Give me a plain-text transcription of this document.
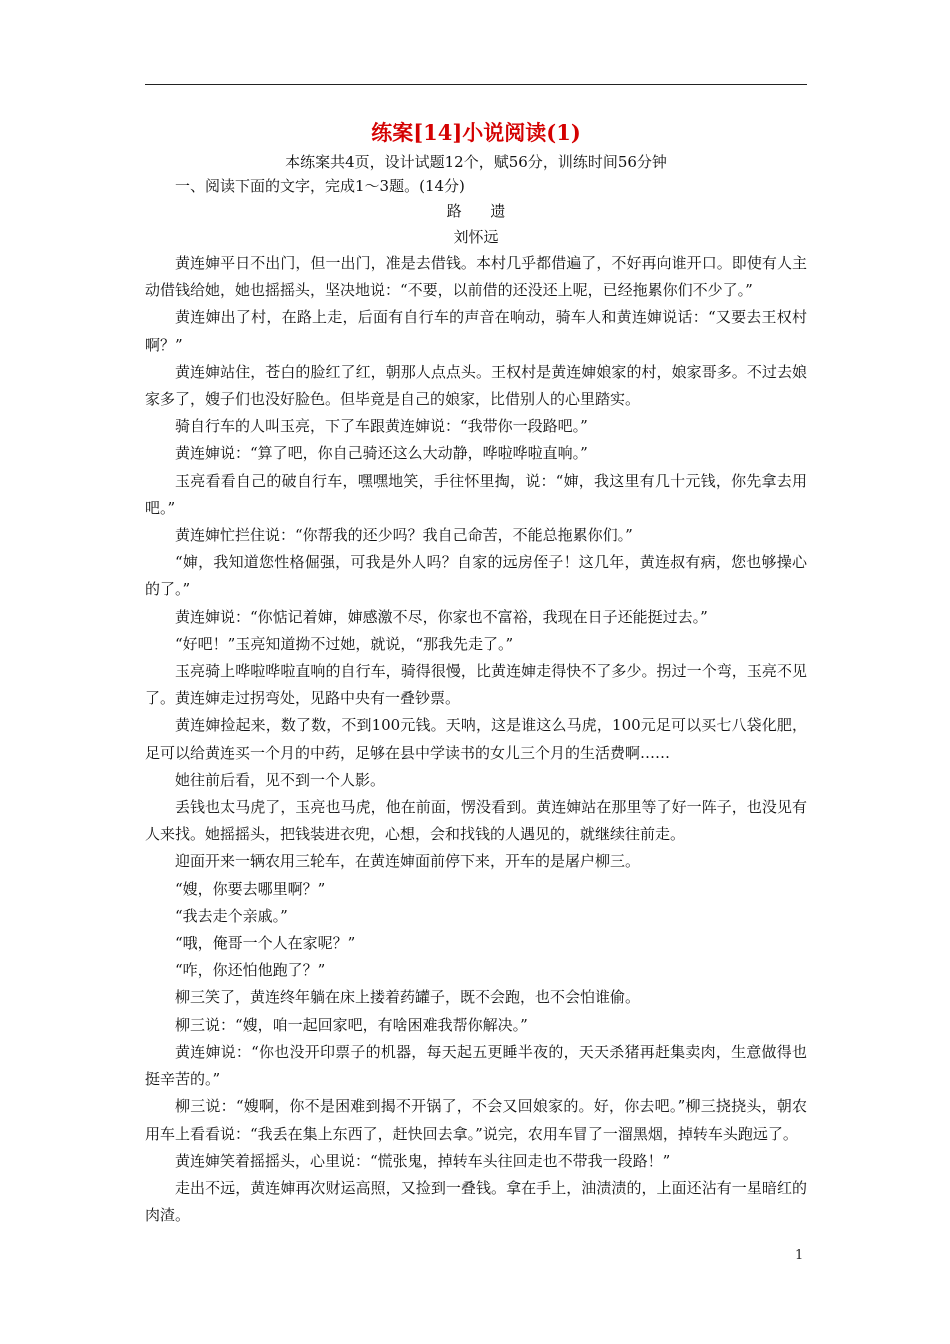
练案[14]小说阅读(1)

本练案共4页，设计试题12个，赋56分，训练时间56分钟

一、阅读下面的文字，完成1～3题。(14分)

路 遗

刘怀远

黄连婶平日不出门，但一出门，准是去借钱。本村几乎都借遍了，不好再向谁开口。即使有人主动借钱给她，她也摇摇头，坚决地说：“不要，以前借的还没还上呢，已经拖累你们不少了。”

黄连婶出了村，在路上走，后面有自行车的声音在响动，骑车人和黄连婶说话：“又要去王权村啊？”

黄连婶站住，苍白的脸红了红，朝那人点点头。王权村是黄连婶娘家的村，娘家哥多。不过去娘家多了，嫂子们也没好脸色。但毕竟是自己的娘家，比借别人的心里踏实。

骑自行车的人叫玉亮，下了车跟黄连婶说：“我带你一段路吧。”

黄连婶说：“算了吧，你自己骑还这么大动静，哗啦哗啦直响。”

玉亮看看自己的破自行车，嘿嘿地笑，手往怀里掏，说：“婶，我这里有几十元钱，你先拿去用吧。”

黄连婶忙拦住说：“你帮我的还少吗？我自己命苦，不能总拖累你们。”

“婶，我知道您性格倔强，可我是外人吗？自家的远房侄子！这几年，黄连叔有病，您也够操心的了。”

黄连婶说：“你惦记着婶，婶感激不尽，你家也不富裕，我现在日子还能挺过去。”

“好吧！”玉亮知道拗不过她，就说，“那我先走了。”

玉亮骑上哗啦哗啦直响的自行车，骑得很慢，比黄连婶走得快不了多少。拐过一个弯，玉亮不见了。黄连婶走过拐弯处，见路中央有一叠钞票。

黄连婶捡起来，数了数，不到100元钱。天呐，这是谁这么马虎，100元足可以买七八袋化肥，足可以给黄连买一个月的中药，足够在县中学读书的女儿三个月的生活费啊……

她往前后看，见不到一个人影。

丢钱也太马虎了，玉亮也马虎，他在前面，愣没看到。黄连婶站在那里等了好一阵子，也没见有人来找。她摇摇头，把钱装进衣兜，心想，会和找钱的人遇见的，就继续往前走。

迎面开来一辆农用三轮车，在黄连婶面前停下来，开车的是屠户柳三。

“嫂，你要去哪里啊？”

“我去走个亲戚。”

“哦，俺哥一个人在家呢？”

“咋，你还怕他跑了？”

柳三笑了，黄连终年躺在床上搂着药罐子，既不会跑，也不会怕谁偷。

柳三说：“嫂，咱一起回家吧，有啥困难我帮你解决。”

黄连婶说：“你也没开印票子的机器，每天起五更睡半夜的，天天杀猪再赶集卖肉，生意做得也挺辛苦的。”

柳三说：“嫂啊，你不是困难到揭不开锅了，不会又回娘家的。好，你去吧。”柳三挠挠头，朝农用车上看看说：“我丢在集上东西了，赶快回去拿。”说完，农用车冒了一溜黑烟，掉转车头跑远了。

黄连婶笑着摇摇头，心里说：“慌张鬼，掉转车头往回走也不带我一段路！”

走出不远，黄连婶再次财运高照，又捡到一叠钱。拿在手上，油渍渍的，上面还沾有一星暗红的肉渣。

1
